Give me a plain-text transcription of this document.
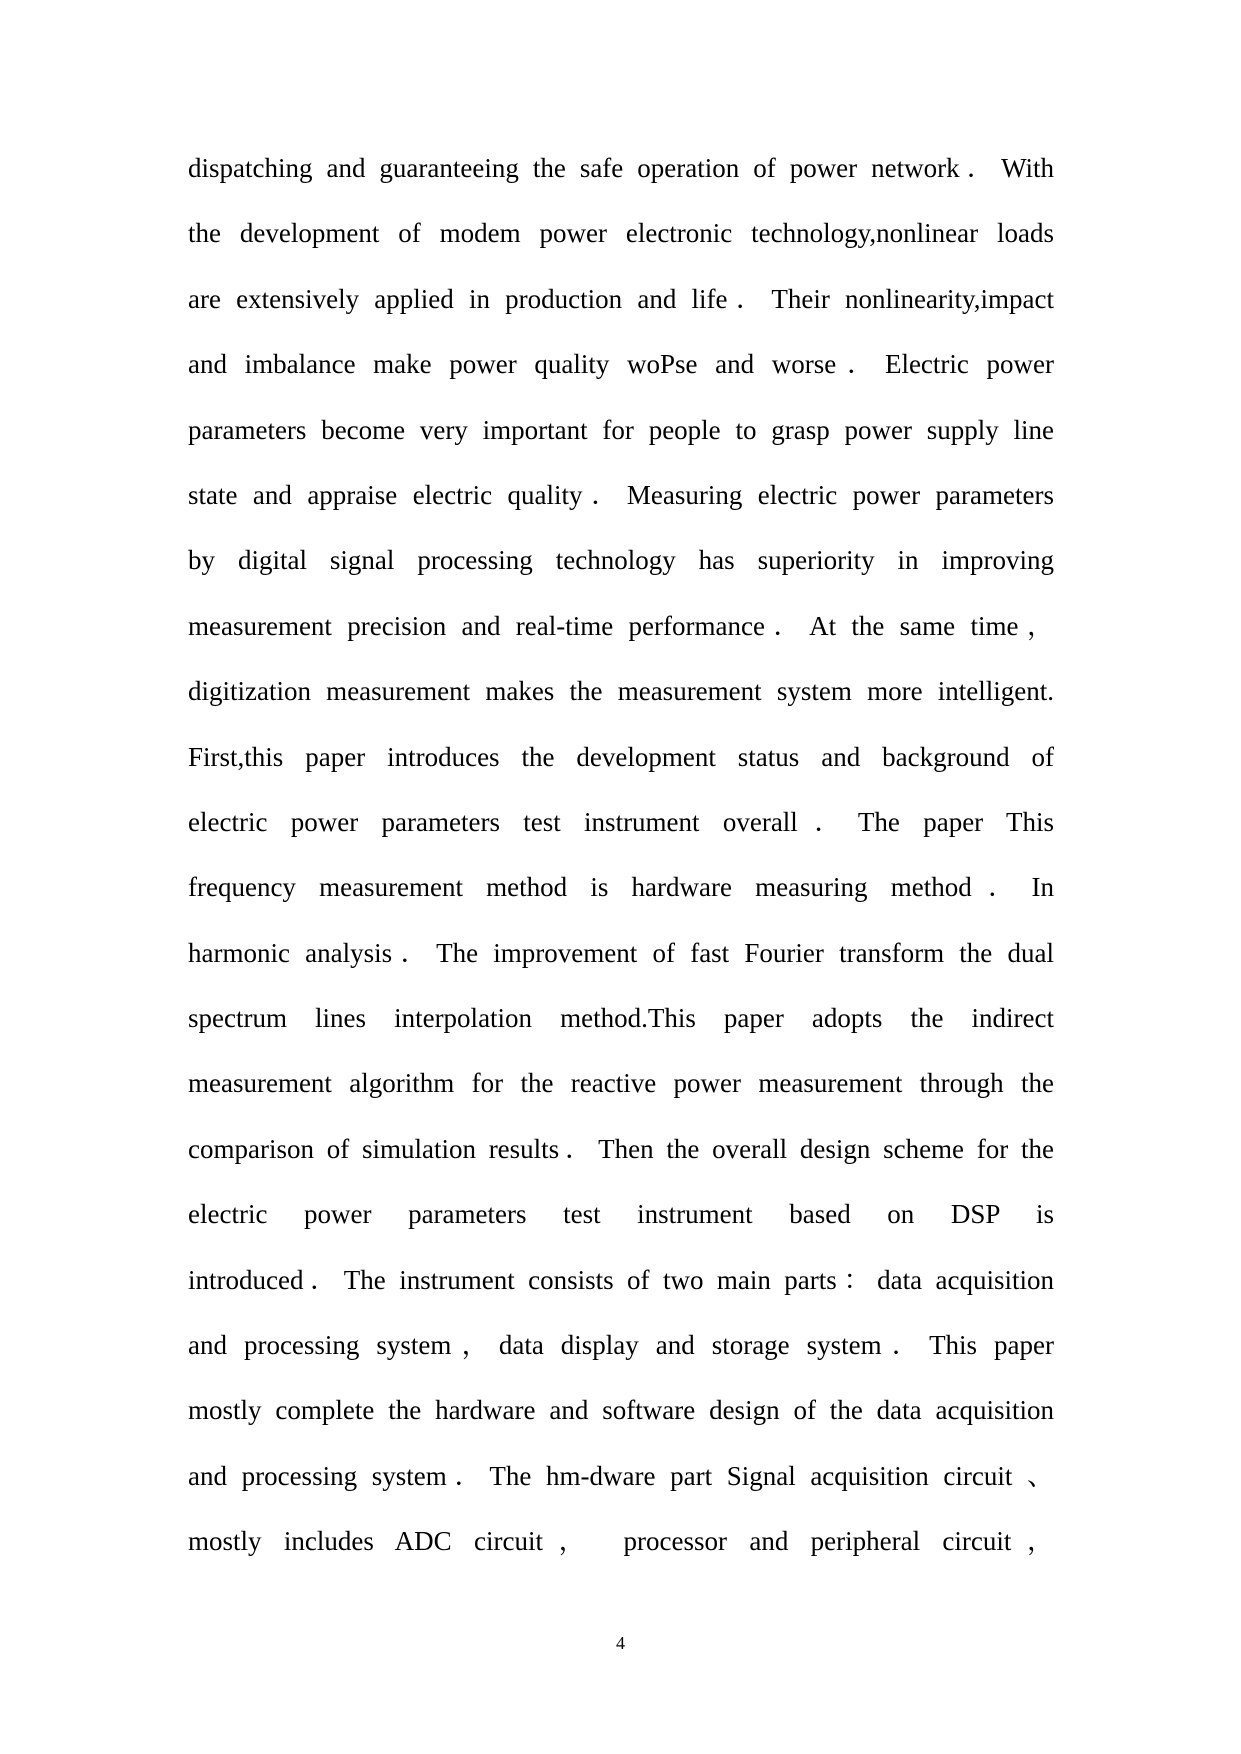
dispatching and guaranteeing the safe operation of power network．With
the development of modem power electronic technology,nonlinear loads
are extensively applied in production and life．Their nonlinearity,impact
and imbalance make power quality woPse and worse．Electric power
parameters become very important for people to grasp power supply line
state and appraise electric quality．Measuring electric power parameters
by digital signal processing technology has superiority in improving
measurement precision and real-time performance．At the same time，
digitization measurement makes the measurement system more intelligent.
First,this paper introduces the development status and background of
electric power parameters test instrument overall．The paper This
frequency measurement method is hardware measuring method．In
harmonic analysis．The improvement of fast Fourier transform the dual
spectrum lines interpolation method.This paper adopts the indirect
measurement algorithm for the reactive power measurement through the
comparison of simulation results．Then the overall design scheme for the
electric power parameters test instrument based on DSP is
introduced．The instrument consists of two main parts：data acquisition
and processing system，data display and storage system．This paper
mostly complete the hardware and software design of the data acquisition
and processing system．The hm-dware part Signal acquisition circuit 、
mostly includes ADC circuit， processor and peripheral circuit，
4
